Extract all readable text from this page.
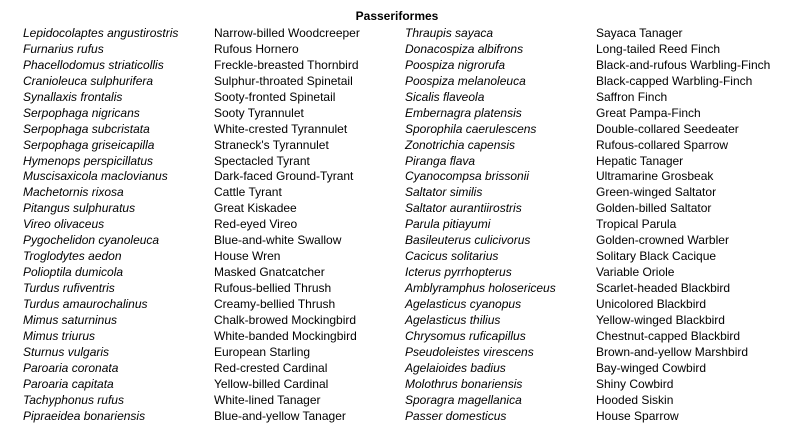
Passeriformes
Lepidocolaptes angustirostris	Narrow-billed Woodcreeper	Thraupis sayaca	Sayaca Tanager
Furnarius rufus	Rufous Hornero	Donacospiza albifrons	Long-tailed Reed Finch
Phacellodomus striaticollis	Freckle-breasted Thornbird	Poospiza nigrorufa	Black-and-rufous Warbling-Finch
Cranioleuca sulphurifera	Sulphur-throated Spinetail	Poospiza melanoleuca	Black-capped Warbling-Finch
Synallaxis frontalis	Sooty-fronted Spinetail	Sicalis flaveola	Saffron Finch
Serpophaga nigricans	Sooty Tyrannulet	Embernagra platensis	Great Pampa-Finch
Serpophaga subcristata	White-crested Tyrannulet	Sporophila caerulescens	Double-collared Seedeater
Serpophaga griseicapilla	Straneck's Tyrannulet	Zonotrichia capensis	Rufous-collared Sparrow
Hymenops perspicillatus	Spectacled Tyrant	Piranga flava	Hepatic Tanager
Muscisaxicola maclovianus	Dark-faced Ground-Tyrant	Cyanocompsa brissonii	Ultramarine Grosbeak
Machetornis rixosa	Cattle Tyrant	Saltator similis	Green-winged Saltator
Pitangus sulphuratus	Great Kiskadee	Saltator aurantiirostris	Golden-billed Saltator
Vireo olivaceus	Red-eyed Vireo	Parula pitiayumi	Tropical Parula
Pygochelidon cyanoleuca	Blue-and-white Swallow	Basileuterus culicivorus	Golden-crowned Warbler
Troglodytes aedon	House Wren	Cacicus solitarius	Solitary Black Cacique
Polioptila dumicola	Masked Gnatcatcher	Icterus pyrrhopterus	Variable Oriole
Turdus rufiventris	Rufous-bellied Thrush	Amblyramphus holosericeus	Scarlet-headed Blackbird
Turdus amaurochalinus	Creamy-bellied Thrush	Agelasticus cyanopus	Unicolored Blackbird
Mimus saturninus	Chalk-browed Mockingbird	Agelasticus thilius	Yellow-winged Blackbird
Mimus triurus	White-banded Mockingbird	Chrysomus ruficapillus	Chestnut-capped Blackbird
Sturnus vulgaris	European Starling	Pseudoleistes virescens	Brown-and-yellow Marshbird
Paroaria coronata	Red-crested Cardinal	Agelaioides badius	Bay-winged Cowbird
Paroaria capitata	Yellow-billed Cardinal	Molothrus bonariensis	Shiny Cowbird
Tachyphonus rufus	White-lined Tanager	Sporagra magellanica	Hooded Siskin
Pipraeidea bonariensis	Blue-and-yellow Tanager	Passer domesticus	House Sparrow
